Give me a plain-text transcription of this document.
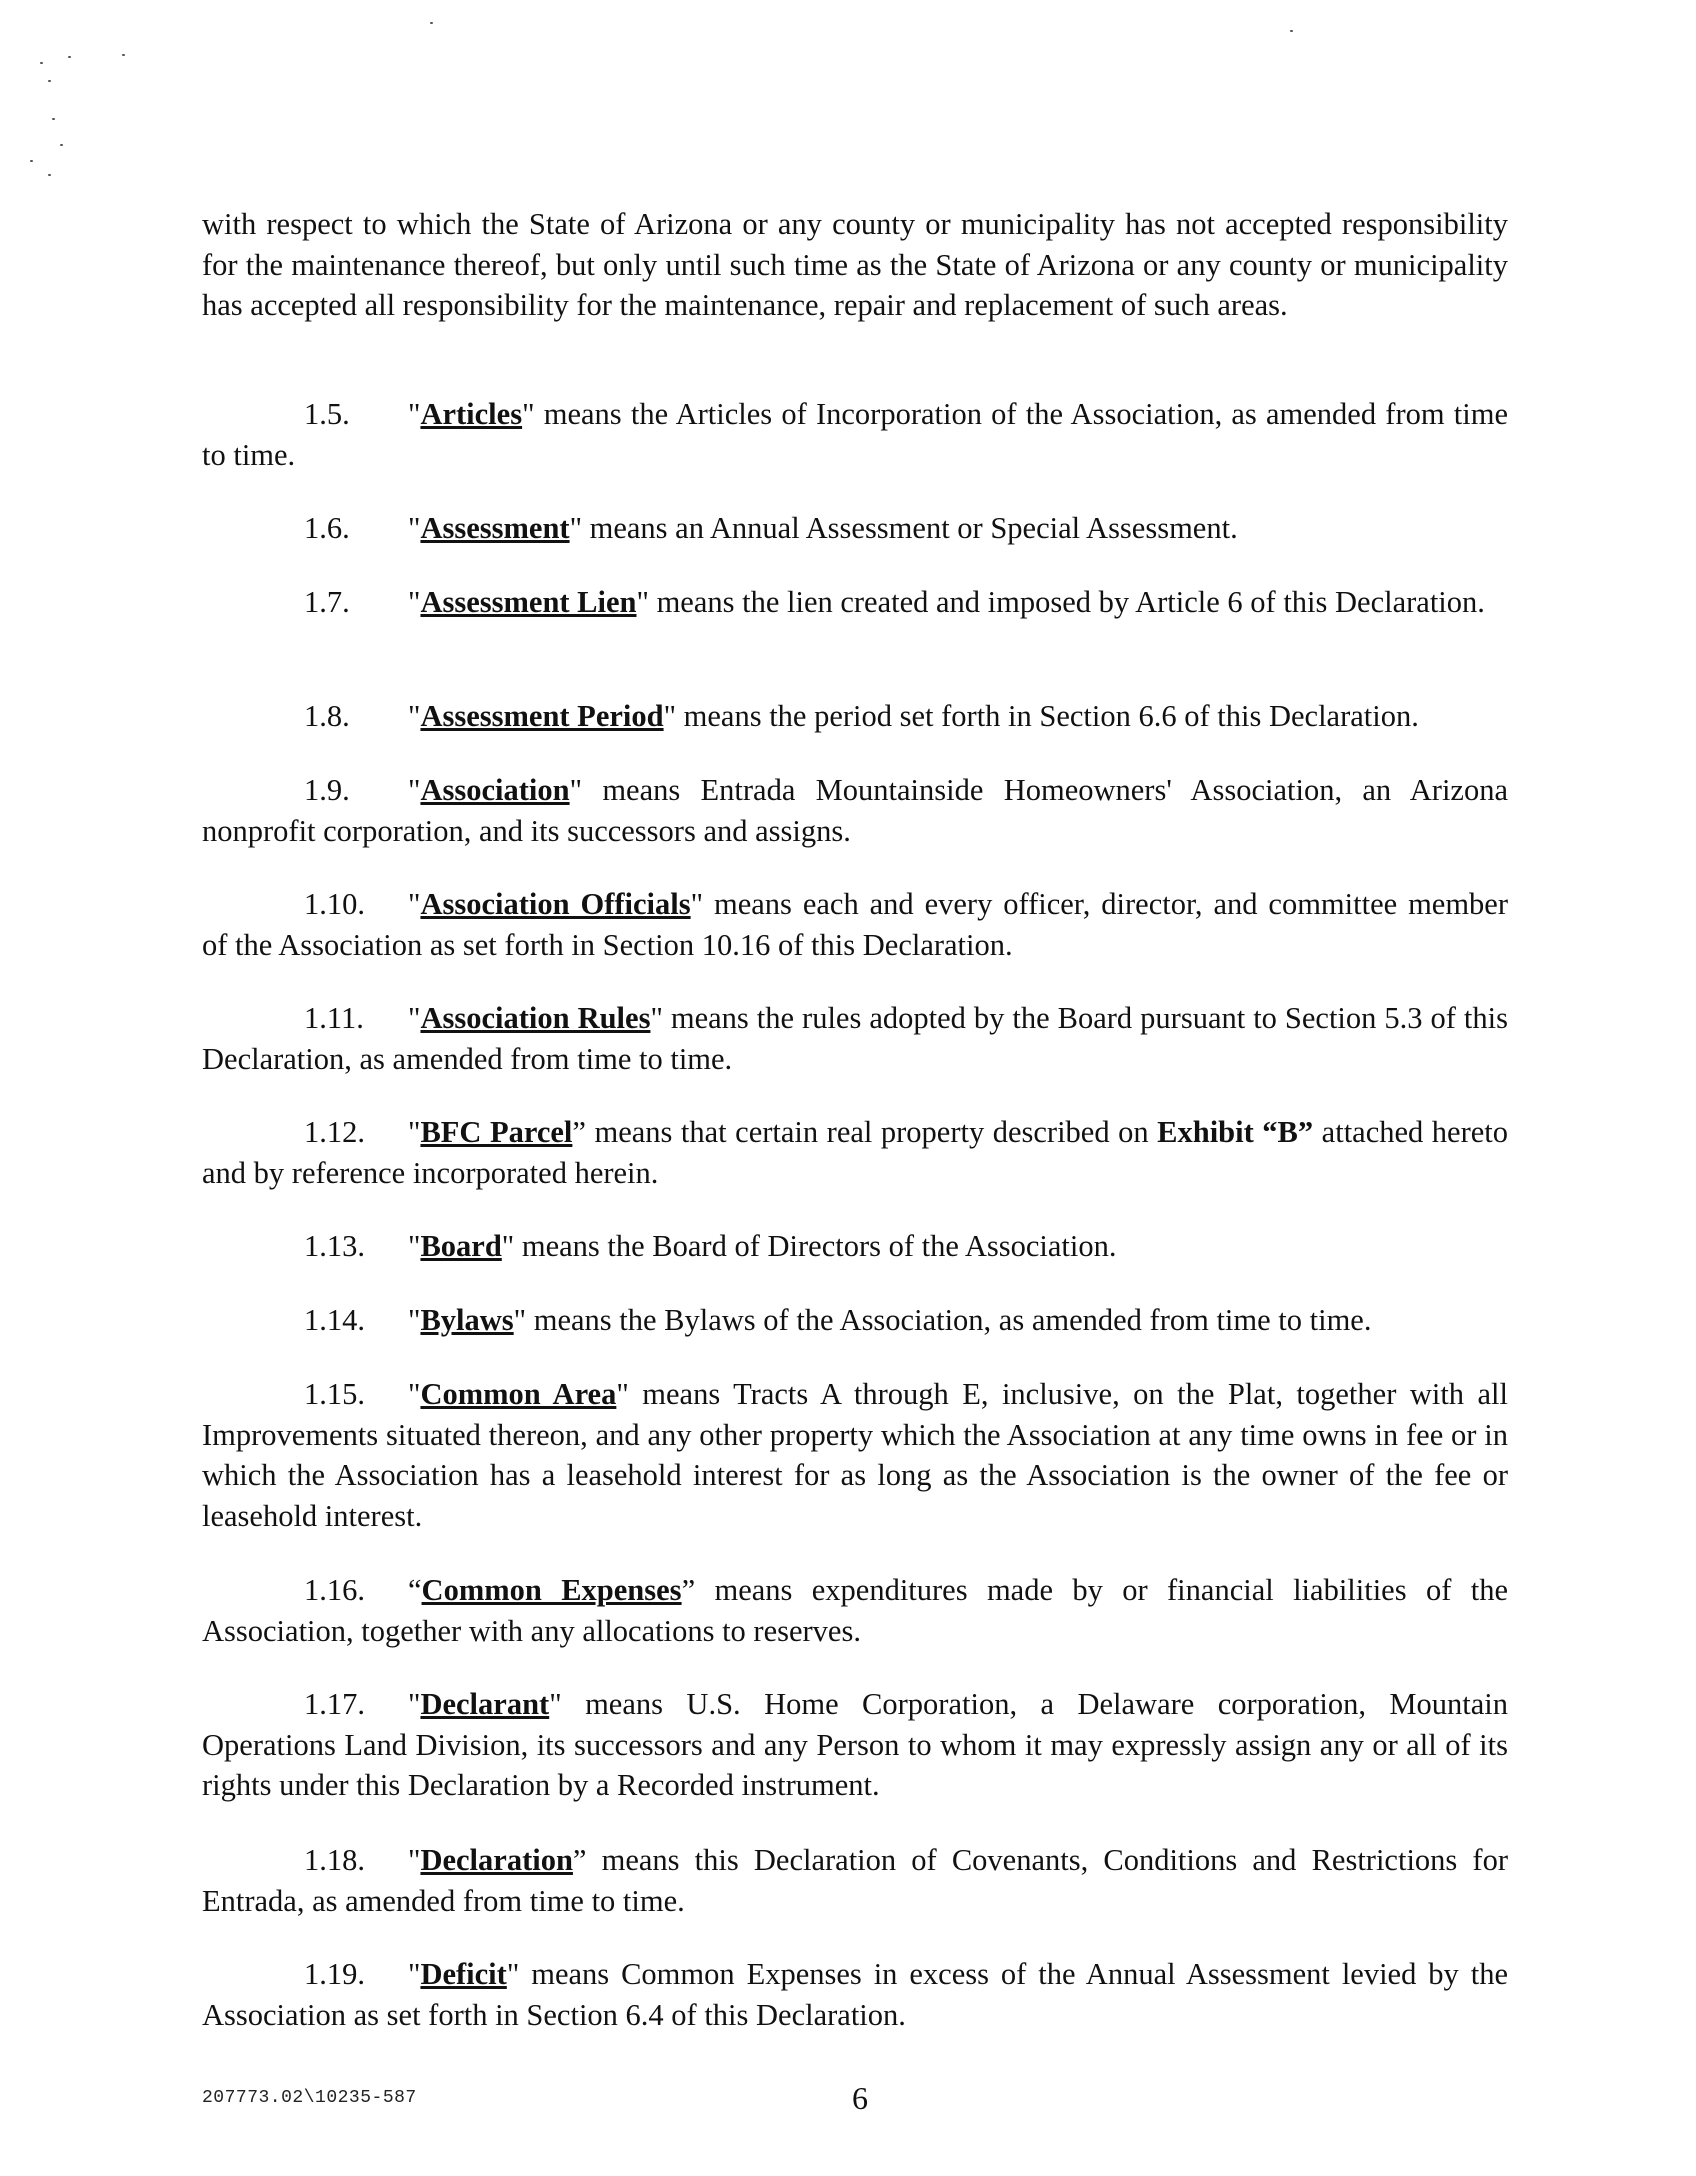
with respect to which the State of Arizona or any county or municipality has not accepted responsibility for the maintenance thereof, but only until such time as the State of Arizona or any county or municipality has accepted all responsibility for the maintenance, repair and replacement of such areas.

1.5. "Articles" means the Articles of Incorporation of the Association, as amended from time to time.

1.6. "Assessment" means an Annual Assessment or Special Assessment.

1.7. "Assessment Lien" means the lien created and imposed by Article 6 of this Declaration.

1.8. "Assessment Period" means the period set forth in Section 6.6 of this Declaration.

1.9. "Association" means Entrada Mountainside Homeowners' Association, an Arizona nonprofit corporation, and its successors and assigns.

1.10. "Association Officials" means each and every officer, director, and committee member of the Association as set forth in Section 10.16 of this Declaration.

1.11. "Association Rules" means the rules adopted by the Board pursuant to Section 5.3 of this Declaration, as amended from time to time.

1.12. "BFC Parcel” means that certain real property described on Exhibit “B” attached hereto and by reference incorporated herein.

1.13. "Board" means the Board of Directors of the Association.

1.14. "Bylaws" means the Bylaws of the Association, as amended from time to time.

1.15. "Common Area" means Tracts A through E, inclusive, on the Plat, together with all Improvements situated thereon, and any other property which the Association at any time owns in fee or in which the Association has a leasehold interest for as long as the Association is the owner of the fee or leasehold interest.

1.16. “Common Expenses” means expenditures made by or financial liabilities of the Association, together with any allocations to reserves.

1.17. "Declarant" means U.S. Home Corporation, a Delaware corporation, Mountain Operations Land Division, its successors and any Person to whom it may expressly assign any or all of its rights under this Declaration by a Recorded instrument.

1.18. "Declaration” means this Declaration of Covenants, Conditions and Restrictions for Entrada, as amended from time to time.

1.19. "Deficit" means Common Expenses in excess of the Annual Assessment levied by the Association as set forth in Section 6.4 of this Declaration.

207773.02\10235-587	6
